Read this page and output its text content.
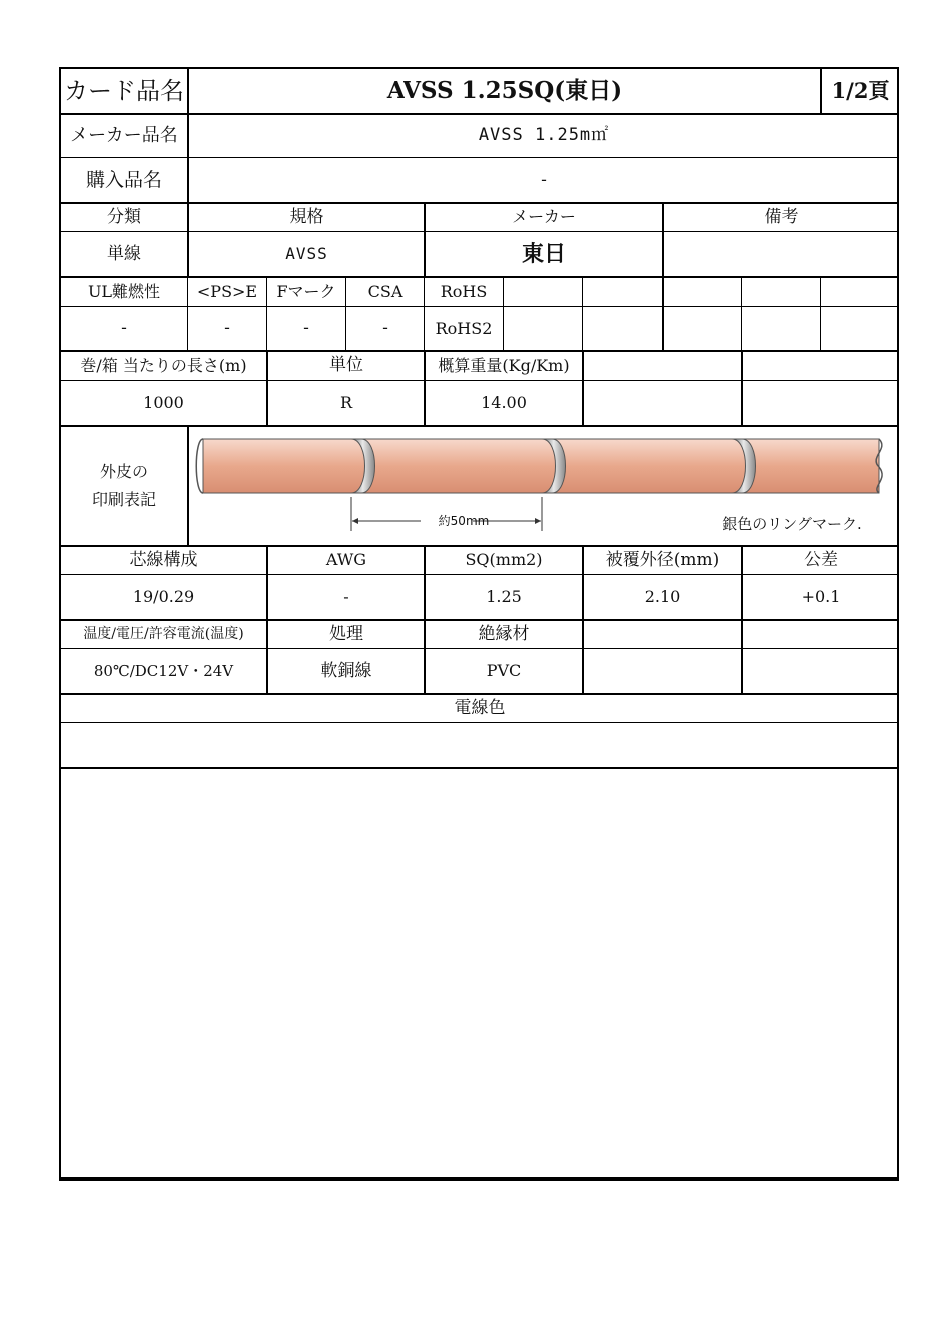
カード品名	AVSS 1.25SQ(東日)	1/2頁
メーカー品名	AVSS 1.25m㎡
購入品名	-
分類	規格	メーカー	備考
単線	AVSS	東日
UL難燃性	<PS>E	Fマーク	CSA	RoHS
-	-	-	-	RoHS2
巻/箱 当たりの長さ(m)	単位	概算重量(Kg/Km)
1000	R	14.00
外皮の
印刷表記
約50mm	銀色のリングマーク.
芯線構成	AWG	SQ(mm2)	被覆外径(mm)	公差
19/0.29	-	1.25	2.10	+0.1
温度/電圧/許容電流(温度)	処理	絶縁材
80℃/DC12V・24V	軟銅線	PVC
電線色
